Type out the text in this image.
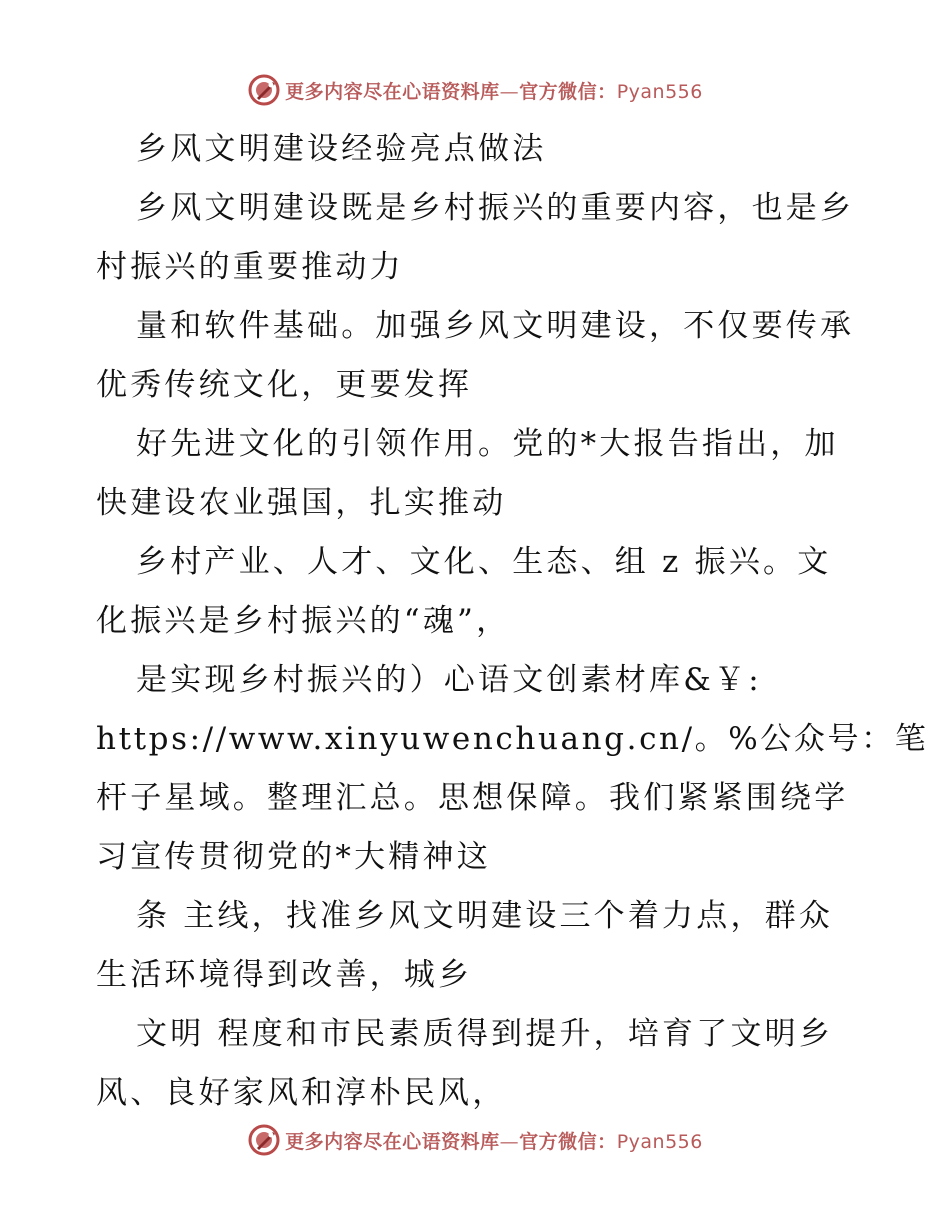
更多内容尽在心语资料库—官方微信：Pyan556
乡风文明建设经验亮点做法
乡风文明建设既是乡村振兴的重要内容，也是乡
村振兴的重要推动力
量和软件基础。加强乡风文明建设，不仅要传承
优秀传统文化，更要发挥
好先进文化的引领作用。党的*大报告指出，加
快建设农业强国，扎实推动
乡村产业、人才、文化、生态、组 z 振兴。文
化振兴是乡村振兴的“魂”，
是实现乡村振兴的）心语文创素材库&￥:
https://www.xinyuwenchuang.cn/。%公众号：笔
杆子星域。整理汇总。思想保障。我们紧紧围绕学
习宣传贯彻党的*大精神这
条 主线，找准乡风文明建设三个着力点，群众
生活环境得到改善，城乡
文明 程度和市民素质得到提升，培育了文明乡
风、良好家风和淳朴民风，
更多内容尽在心语资料库—官方微信：Pyan556
